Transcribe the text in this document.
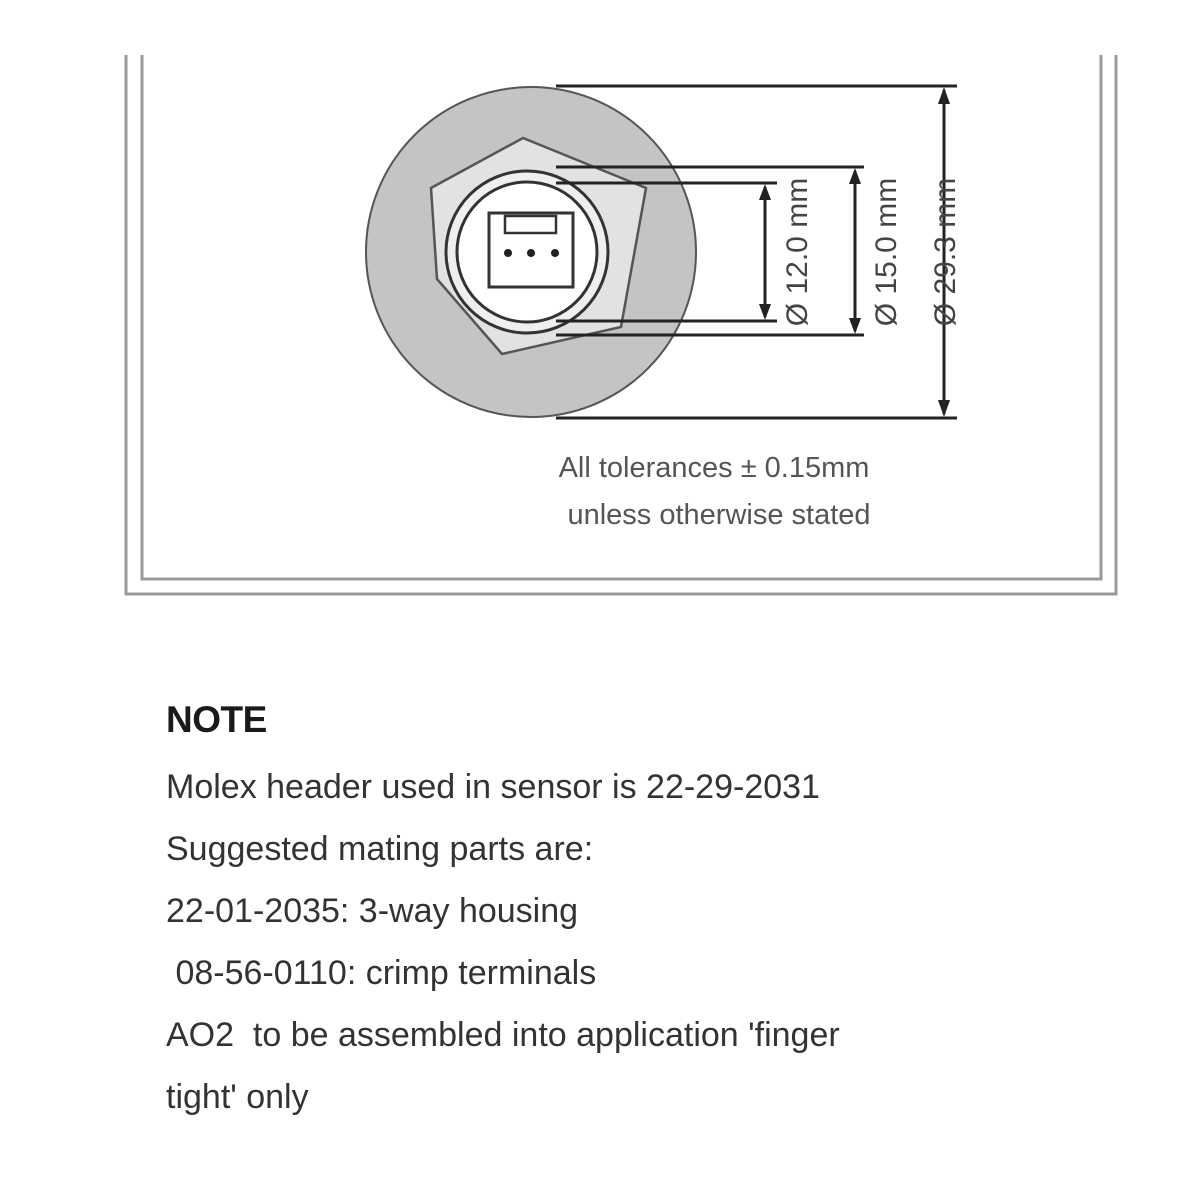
Ø 12.0 mm Ø 15.0 mm Ø 29.3 mm
All tolerances ± 0.15mm
unless otherwise stated
NOTE

Molex header used in sensor is 22-29-2031

Suggested mating parts are:

22-01-2035: 3-way housing

08-56-0110: crimp terminals

AO2  to be assembled into application 'finger

tight' only
